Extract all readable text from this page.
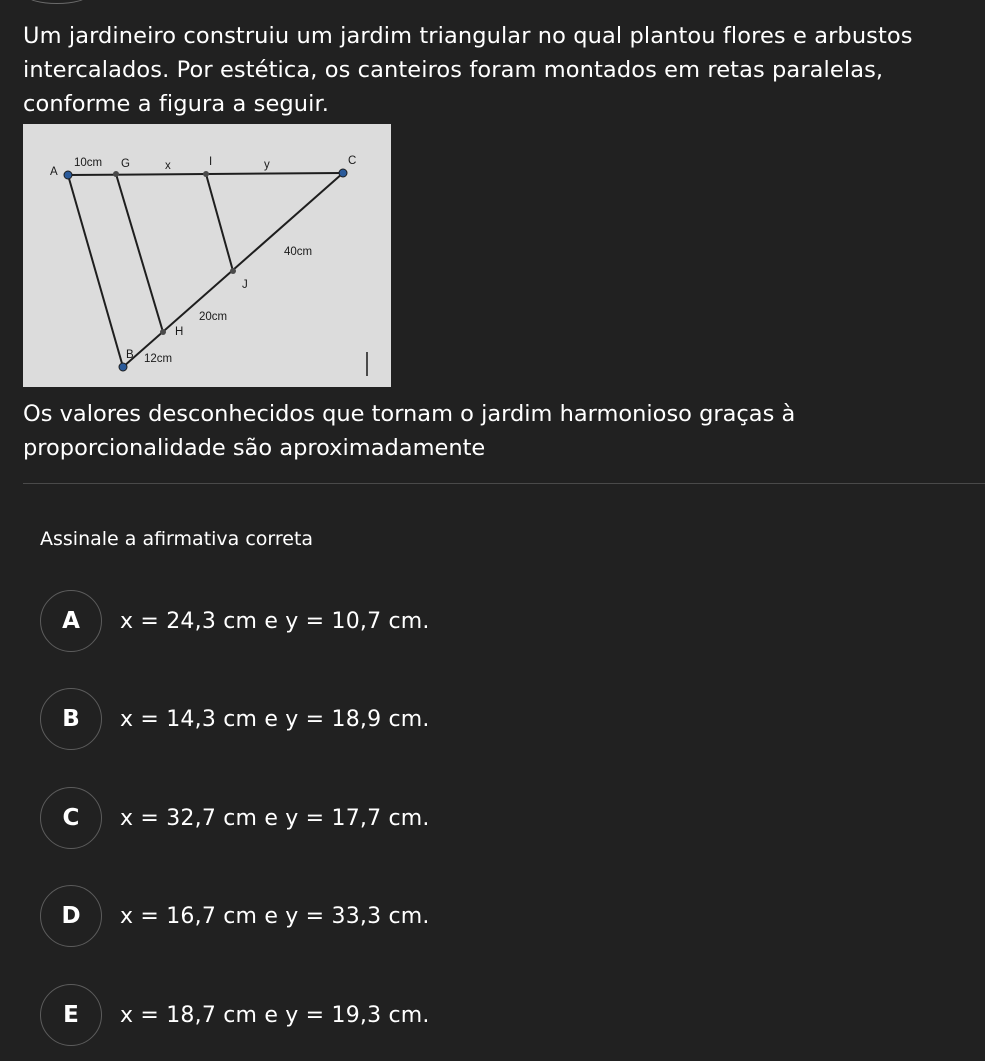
Um jardineiro construiu um jardim triangular no qual plantou flores e arbustos intercalados. Por estética, os canteiros foram montados em retas paralelas, conforme a figura a seguir.

A
10cm G	x	I	y	C
40cm
J
20cm
H
B 12cm

Os valores desconhecidos que tornam o jardim harmonioso graças à proporcionalidade são aproximadamente

Assinale a afirmativa correta
A	x = 24,3 cm e y = 10,7 cm.
B	x = 14,3 cm e y = 18,9 cm.
C	x = 32,7 cm e y = 17,7 cm.
D	x = 16,7 cm e y = 33,3 cm.
E	x = 18,7 cm e y = 19,3 cm.
